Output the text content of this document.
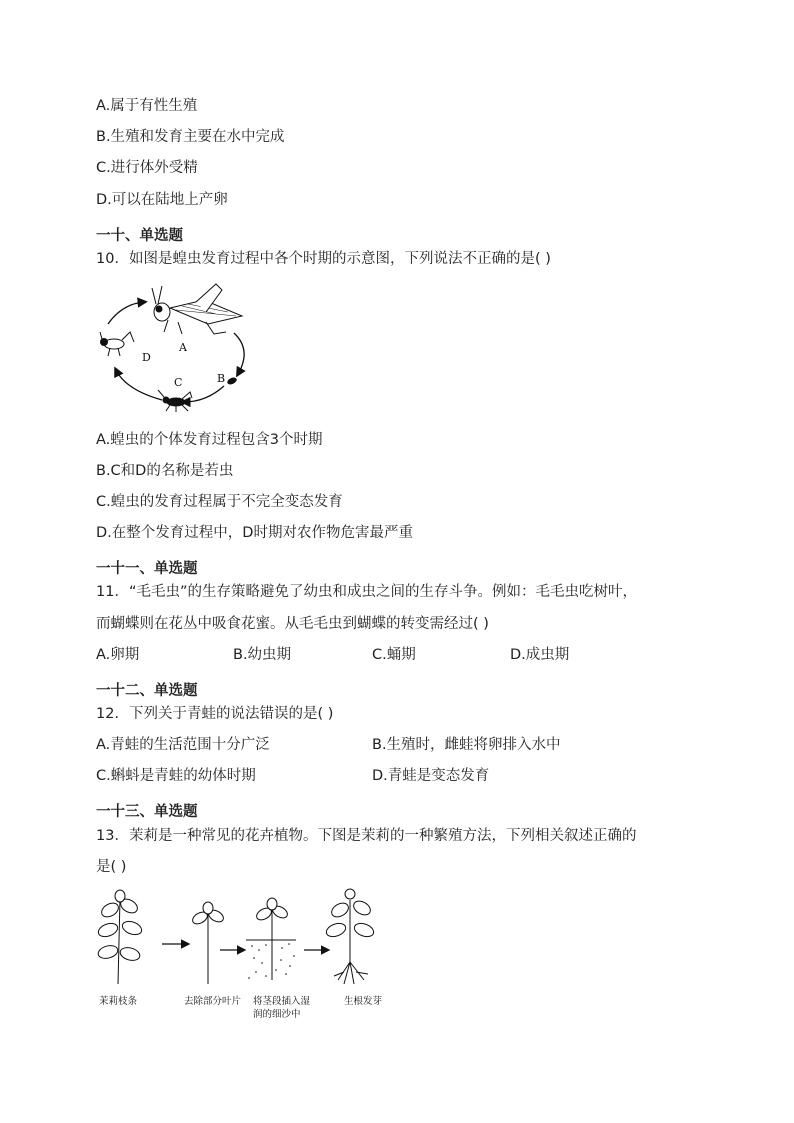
A.属于有性生殖
B.生殖和发育主要在水中完成
C.进行体外受精
D.可以在陆地上产卵
一十、单选题
10．如图是蝗虫发育过程中各个时期的示意图，下列说法不正确的是( )
A
B
C
D
A.蝗虫的个体发育过程包含3个时期
B.C和D的名称是若虫
C.蝗虫的发育过程属于不完全变态发育
D.在整个发育过程中，D时期对农作物危害最严重
一十一、单选题
11．“毛毛虫”的生存策略避免了幼虫和成虫之间的生存斗争。例如：毛毛虫吃树叶，
而蝴蝶则在花丛中吸食花蜜。从毛毛虫到蝴蝶的转变需经过( )
A.卵期	B.幼虫期	C.蛹期	D.成虫期
一十二、单选题
12．下列关于青蛙的说法错误的是( )
A.青蛙的生活范围十分广泛	B.生殖时，雌蛙将卵排入水中
C.蝌蚪是青蛙的幼体时期	D.青蛙是变态发育
一十三、单选题
13．茉莉是一种常见的花卉植物。下图是茉莉的一种繁殖方法，下列相关叙述正确的
是( )
茉莉枝条	去除部分叶片 将茎段插入湿
润的细沙中
生根发芽
